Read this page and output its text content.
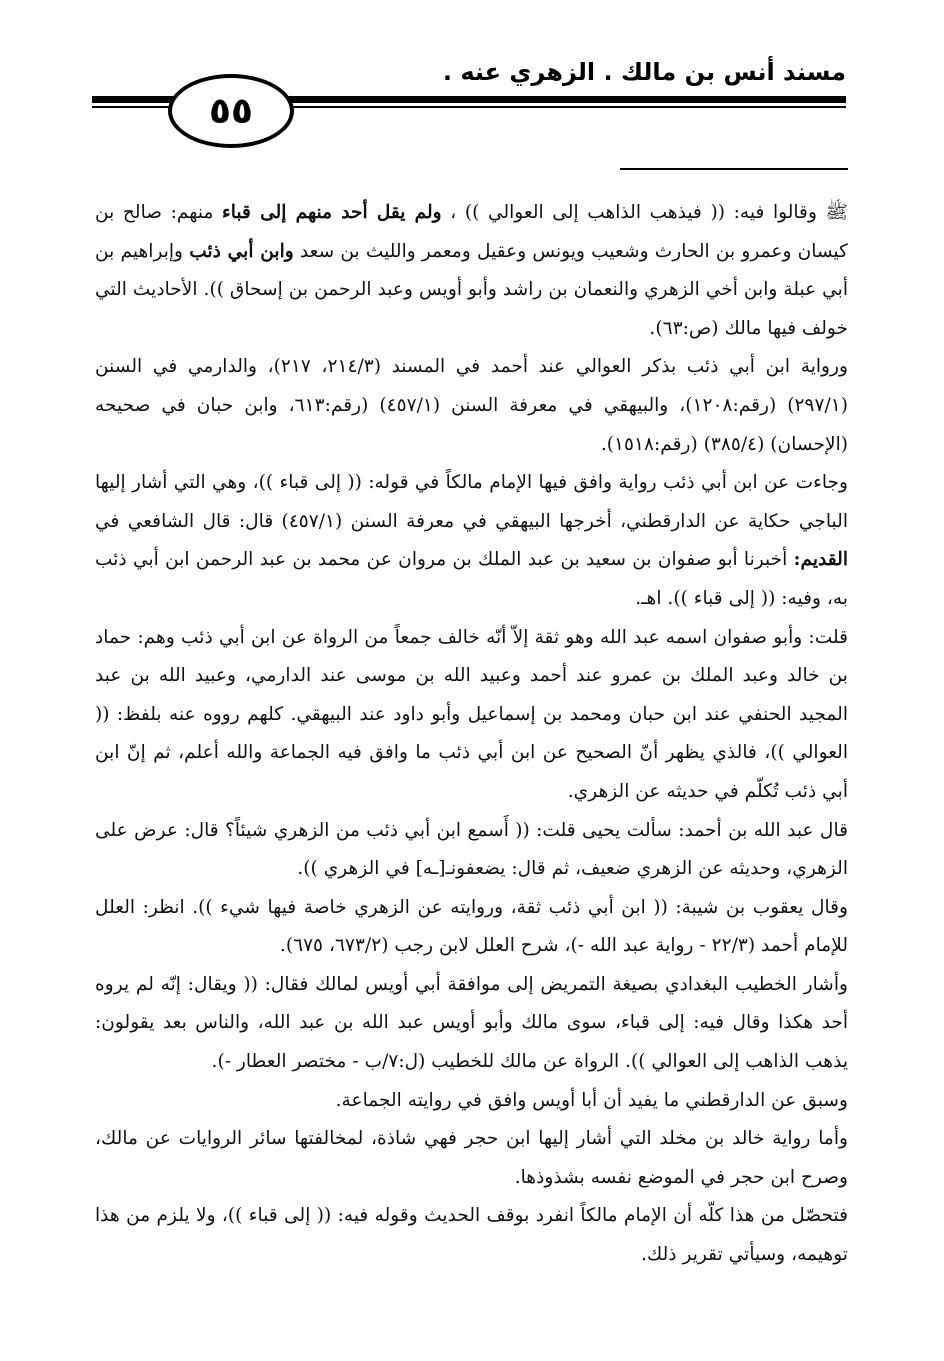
مسند أنس بن مالك . الزهري عنه .
٥٥

ﷺ وقالوا فيه: (( فيذهب الذاهب إلى العوالي )) ، ولم يقل أحد منهم إلى قباء منهم: صالح بن كيسان وعمرو بن الحارث وشعيب ويونس وعقيل ومعمر والليث بن سعد وابن أبي ذئب وإبراهيم بن أبي عبلة وابن أخي الزهري والنعمان بن راشد وأبو أويس وعبد الرحمن بن إسحاق )). الأحاديث التي خولف فيها مالك (ص:٦٣).

ورواية ابن أبي ذئب بذكر العوالي عند أحمد في المسند (٢١٤/٣، ٢١٧)، والدارمي في السنن (٢٩٧/١) (رقم:١٢٠٨)، والبيهقي في معرفة السنن (٤٥٧/١) (رقم:٦١٣، وابن حبان في صحيحه (الإحسان) (٣٨٥/٤) (رقم:١٥١٨).

وجاءت عن ابن أبي ذئب رواية وافق فيها الإمام مالكاً في قوله: (( إلى قباء ))، وهي التي أشار إليها الباجي حكاية عن الدارقطني، أخرجها البيهقي في معرفة السنن (٤٥٧/١) قال: قال الشافعي في القديم: أخبرنا أبو صفوان بن سعيد بن عبد الملك بن مروان عن محمد بن عبد الرحمن ابن أبي ذئب به، وفيه: (( إلى قباء )). اهـ.

قلت: وأبو صفوان اسمه عبد الله وهو ثقة إلاّ أنّه خالف جمعاً من الرواة عن ابن أبي ذئب وهم: حماد بن خالد وعبد الملك بن عمرو عند أحمد وعبيد الله بن موسى عند الدارمي، وعبيد الله بن عبد المجيد الحنفي عند ابن حبان ومحمد بن إسماعيل وأبو داود عند البيهقي. كلهم رووه عنه بلفظ: (( العوالي ))، فالذي يظهر أنّ الصحيح عن ابن أبي ذئب ما وافق فيه الجماعة والله أعلم، ثم إنّ ابن أبي ذئب تُكلّم في حديثه عن الزهري.

قال عبد الله بن أحمد: سألت يحيى قلت: (( أَسمع ابن أبي ذئب من الزهري شيئاً؟ قال: عرض على الزهري، وحديثه عن الزهري ضعيف، ثم قال: يضعفونـ[ـه] في الزهري )).

وقال يعقوب بن شيبة: (( ابن أبي ذئب ثقة، وروايته عن الزهري خاصة فيها شيء )). انظر: العلل للإمام أحمد (٢٢/٣ - رواية عبد الله -)، شرح العلل لابن رجب (٦٧٣/٢، ٦٧٥).

وأشار الخطيب البغدادي بصيغة التمريض إلى موافقة أبي أويس لمالك فقال: (( ويقال: إنّه لم يروه أحد هكذا وقال فيه: إلى قباء، سوى مالك وأبو أويس عبد الله بن عبد الله، والناس بعد يقولون: يذهب الذاهب إلى العوالي )). الرواة عن مالك للخطيب (ل:٧/ب - مختصر العطار -).

وسبق عن الدارقطني ما يفيد أن أبا أويس وافق في روايته الجماعة.

وأما رواية خالد بن مخلد التي أشار إليها ابن حجر فهي شاذة، لمخالفتها سائر الروايات عن مالك، وصرح ابن حجر في الموضع نفسه بشذوذها.

فتحصّل من هذا كلّه أن الإمام مالكاً انفرد بوقف الحديث وقوله فيه: (( إلى قباء ))، ولا يلزم من هذا توهيمه، وسيأتي تقرير ذلك.
